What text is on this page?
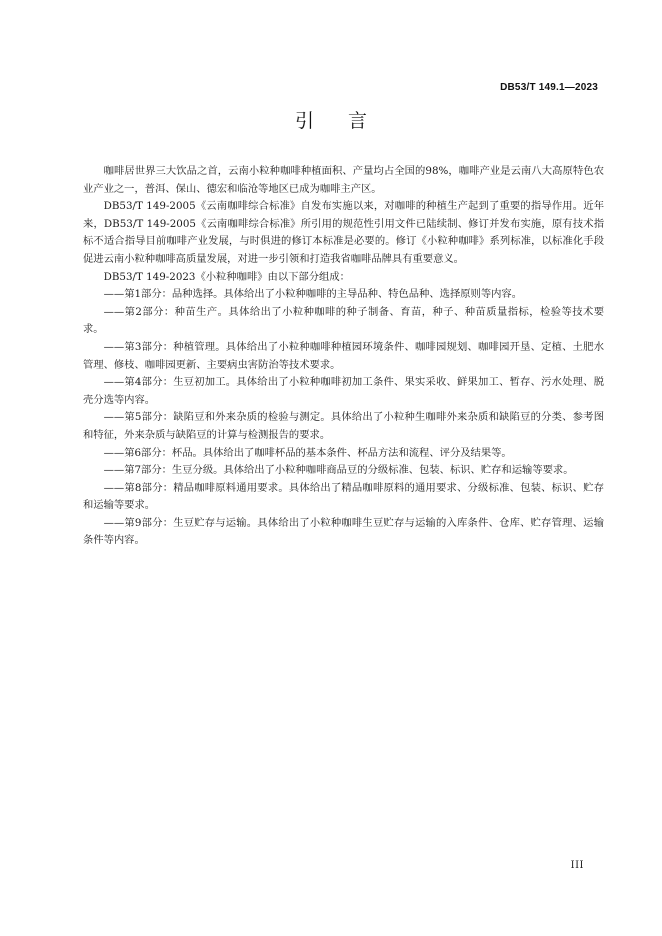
DB53/T 149.1—2023
引言

咖啡居世界三大饮品之首，云南小粒种咖啡种植面积、产量均占全国的98%，咖啡产业是云南八大高原特色农业产业之一，普洱、保山、德宏和临沧等地区已成为咖啡主产区。

DB53/T 149-2005《云南咖啡综合标准》自发布实施以来，对咖啡的种植生产起到了重要的指导作用。近年来，DB53/T 149-2005《云南咖啡综合标准》所引用的规范性引用文件已陆续制、修订并发布实施，原有技术指标不适合指导目前咖啡产业发展，与时俱进的修订本标准是必要的。修订《小粒种咖啡》系列标准，以标准化手段促进云南小粒种咖啡高质量发展，对进一步引领和打造我省咖啡品牌具有重要意义。

DB53/T 149-2023《小粒种咖啡》由以下部分组成：

——第1部分：品种选择。具体给出了小粒种咖啡的主导品种、特色品种、选择原则等内容。

——第2部分：种苗生产。具体给出了小粒种咖啡的种子制备、育苗，种子、种苗质量指标，检验等技术要求。

——第3部分：种植管理。具体给出了小粒种咖啡种植园环境条件、咖啡园规划、咖啡园开垦、定植、土肥水管理、修枝、咖啡园更新、主要病虫害防治等技术要求。

——第4部分：生豆初加工。具体给出了小粒种咖啡初加工条件、果实采收、鲜果加工、暂存、污水处理、脱壳分选等内容。

——第5部分：缺陷豆和外来杂质的检验与测定。具体给出了小粒种生咖啡外来杂质和缺陷豆的分类、参考图和特征，外来杂质与缺陷豆的计算与检测报告的要求。

——第6部分：杯品。具体给出了咖啡杯品的基本条件、杯品方法和流程、评分及结果等。

——第7部分：生豆分级。具体给出了小粒种咖啡商品豆的分级标准、包装、标识、贮存和运输等要求。

——第8部分：精品咖啡原料通用要求。具体给出了精品咖啡原料的通用要求、分级标准、包装、标识、贮存和运输等要求。

——第9部分：生豆贮存与运输。具体给出了小粒种咖啡生豆贮存与运输的入库条件、仓库、贮存管理、运输条件等内容。

III
